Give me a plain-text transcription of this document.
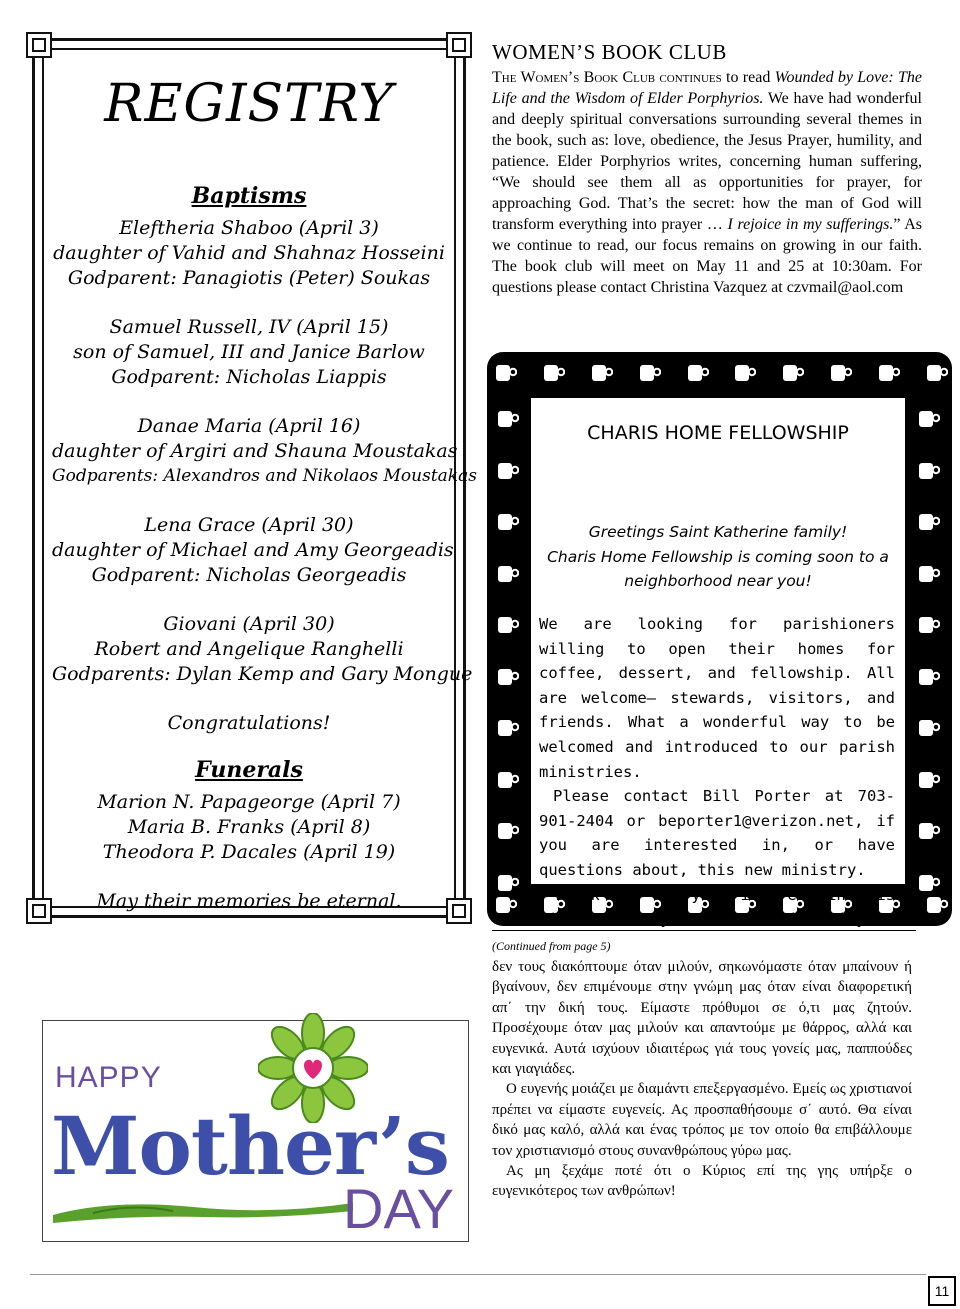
REGISTRY
Baptisms
Eleftheria Shaboo (April 3)
daughter of Vahid and Shahnaz Hosseini
Godparent: Panagiotis (Peter) Soukas
Samuel Russell, IV (April 15)
son of Samuel, III and Janice Barlow
Godparent: Nicholas Liappis
Danae Maria (April 16)
daughter of Argiri and Shauna Moustakas
Godparents: Alexandros and Nikolaos Moustakas
Lena Grace (April 30)
daughter of Michael and Amy Georgeadis
Godparent: Nicholas Georgeadis
Giovani (April 30)
Robert and Angelique Ranghelli
Godparents: Dylan Kemp and Gary Mongue
Congratulations!
Funerals
Marion N. Papageorge (April 7)
Maria B. Franks (April 8)
Theodora P. Dacales (April 19)
May their memories be eternal.
WOMEN’S BOOK CLUB

The Women’s Book Club continues to read Wounded by Love: The Life and the Wisdom of Elder Porphyrios. We have had wonderful and deeply spiritual conversations surrounding several themes in the book, such as: love, obedience, the Jesus Prayer, humility, and patience. Elder Porphyrios writes, concerning human suffering, “We should see them all as opportunities for prayer, for approaching God. That’s the secret: how the man of God will transform everything into prayer … I rejoice in my sufferings.” As we continue to read, our focus remains on growing in our faith. The book club will meet on May 11 and 25 at 10:30am. For questions please contact Christina Vazquez at czvmail@aol.com

CHARIS HOME FELLOWSHIP
Greetings Saint Katherine family!
Charis Home Fellowship is coming soon to a neighborhood near you!

We are looking for parishioners willing to open their homes for coffee, dessert, and fellowship. All are welcome— stewards, visitors, and friends. What a wonderful way to be welcomed and introduced to our parish ministries.

Please contact Bill Porter at 703-901-2404 or beporter1@verizon.net, if you are interested in, or have questions about, this new ministry.

Thank you for your interest in this vital ministry to our church family.

(Continued from page 5)

δεν τους διακόπτουμε όταν μιλούν, σηκωνόμαστε όταν μπαίνουν ή βγαίνουν, δεν επιμένουμε στην γνώμη μας όταν είναι διαφορετική απ΄ την δική τους. Είμαστε πρόθυμοι σε ό,τι μας ζητούν. Προσέχουμε όταν μας μιλούν και απαντούμε με θάρρος, αλλά και ευγενικά. Αυτά ισχύουν ιδιαιτέρως γιά τους γονείς μας, παππούδες και γιαγιάδες.

Ο ευγενής μοιάζει με διαμάντι επεξεργασμένο. Εμείς ως χριστιανοί πρέπει να είμαστε ευγενείς. Ας προσπαθήσουμε σ΄ αυτό. Θα είναι δικό μας καλό, αλλά και ένας τρόπος με τον οποίο θα επιβάλλουμε τον χριστιανισμό στους συνανθρώπους γύρω μας.

Ας μη ξεχάμε ποτέ ότι ο Κύριος επί της γης υπήρξε ο ευγενικότερος των ανθρώπων!

HAPPY
Mother’s
DAY
11
